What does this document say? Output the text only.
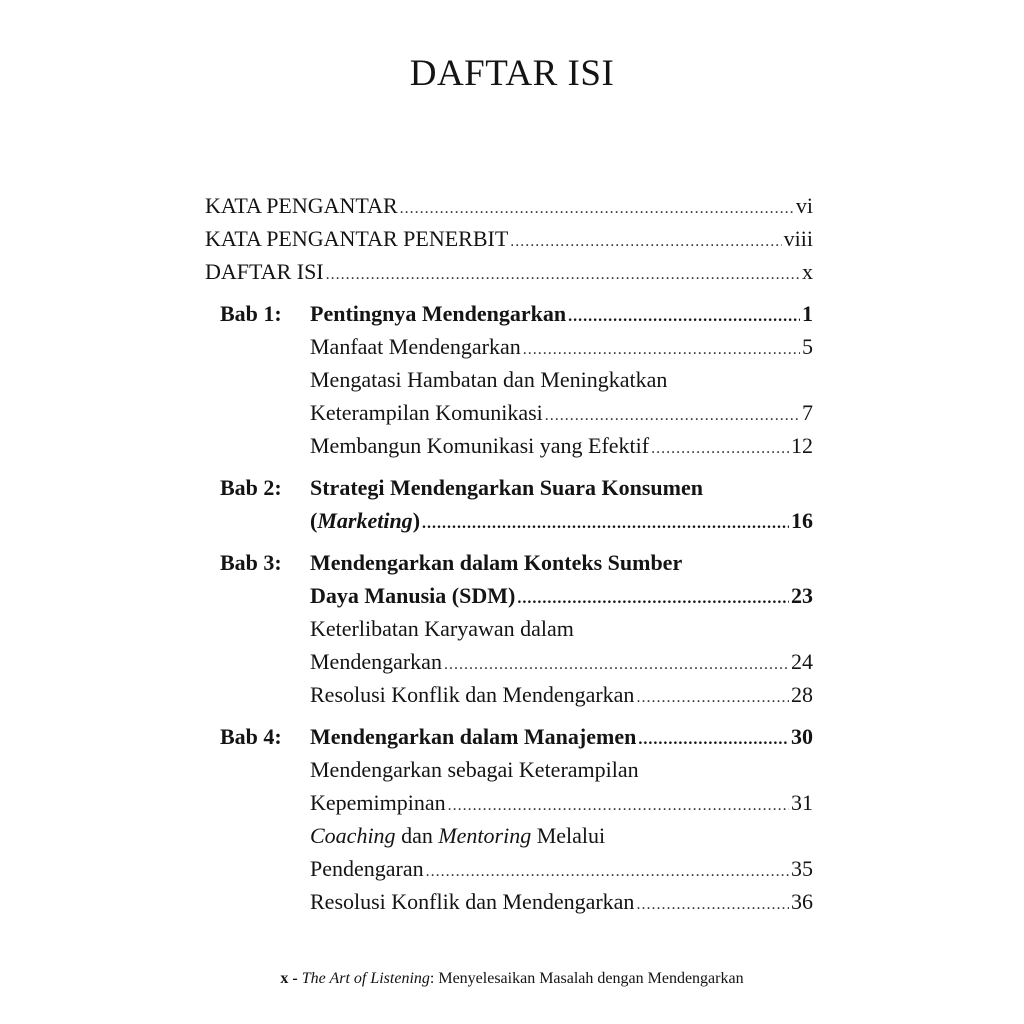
DAFTAR ISI
KATA PENGANTAR .....	vi
KATA PENGANTAR PENERBIT .....	viii
DAFTAR ISI .....	x
Bab 1:	Pentingnya Mendengarkan .....	1
Manfaat Mendengarkan .....	5
Mengatasi Hambatan dan Meningkatkan
Keterampilan Komunikasi .....	7
Membangun Komunikasi yang Efektif .....	12
Bab 2:	Strategi Mendengarkan Suara Konsumen
(Marketing) .....	16
Bab 3:	Mendengarkan dalam Konteks Sumber
Daya Manusia (SDM) .....	23
Keterlibatan Karyawan dalam
Mendengarkan .....	24
Resolusi Konflik dan Mendengarkan .....	28
Bab 4:	Mendengarkan dalam Manajemen .....	30
Mendengarkan sebagai Keterampilan
Kepemimpinan .....	31
Coaching dan Mentoring Melalui
Pendengaran .....	35
Resolusi Konflik dan Mendengarkan .....	36
x - The Art of Listening: Menyelesaikan Masalah dengan Mendengarkan
